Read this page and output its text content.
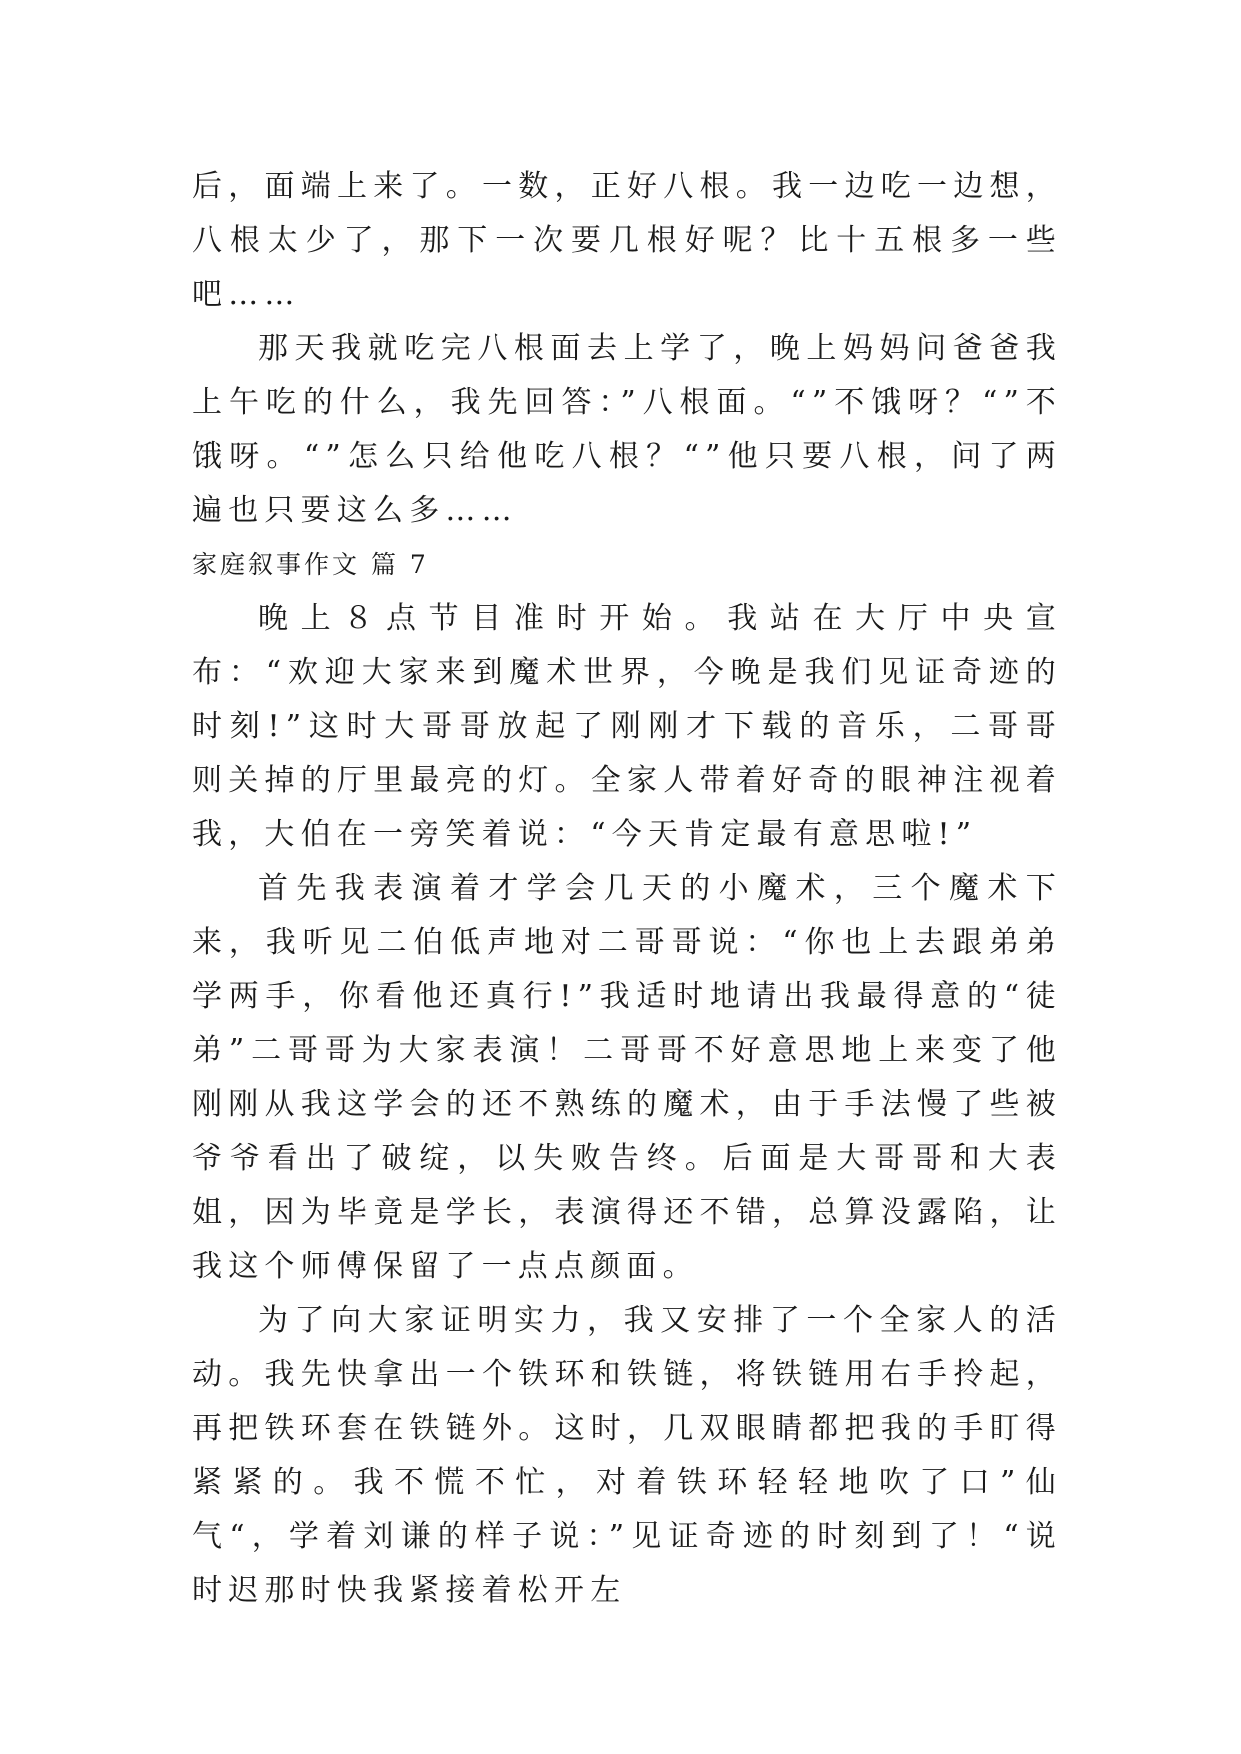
后，面端上来了。一数，正好八根。我一边吃一边想，八根太少了，那下一次要几根好呢？比十五根多一些吧……

那天我就吃完八根面去上学了，晚上妈妈问爸爸我上午吃的什么，我先回答：”八根面。“”不饿呀？“”不饿呀。“”怎么只给他吃八根？“”他只要八根，问了两遍也只要这么多……

家庭叙事作文 篇 7

晚上８点节目准时开始。我站在大厅中央宣布：“欢迎大家来到魔术世界，今晚是我们见证奇迹的时刻!”这时大哥哥放起了刚刚才下载的音乐，二哥哥则关掉的厅里最亮的灯。全家人带着好奇的眼神注视着我，大伯在一旁笑着说：“今天肯定最有意思啦!”

首先我表演着才学会几天的小魔术，三个魔术下来，我听见二伯低声地对二哥哥说：“你也上去跟弟弟学两手，你看他还真行!”我适时地请出我最得意的“徒弟”二哥哥为大家表演！二哥哥不好意思地上来变了他刚刚从我这学会的还不熟练的魔术，由于手法慢了些被爷爷看出了破绽，以失败告终。后面是大哥哥和大表姐，因为毕竟是学长，表演得还不错，总算没露陷，让我这个师傅保留了一点点颜面。

为了向大家证明实力，我又安排了一个全家人的活动。我先快拿出一个铁环和铁链，将铁链用右手拎起，再把铁环套在铁链外。这时，几双眼睛都把我的手盯得紧紧的。我不慌不忙，对着铁环轻轻地吹了口”仙气“，学着刘谦的样子说：”见证奇迹的时刻到了！“说时迟那时快我紧接着松开左
